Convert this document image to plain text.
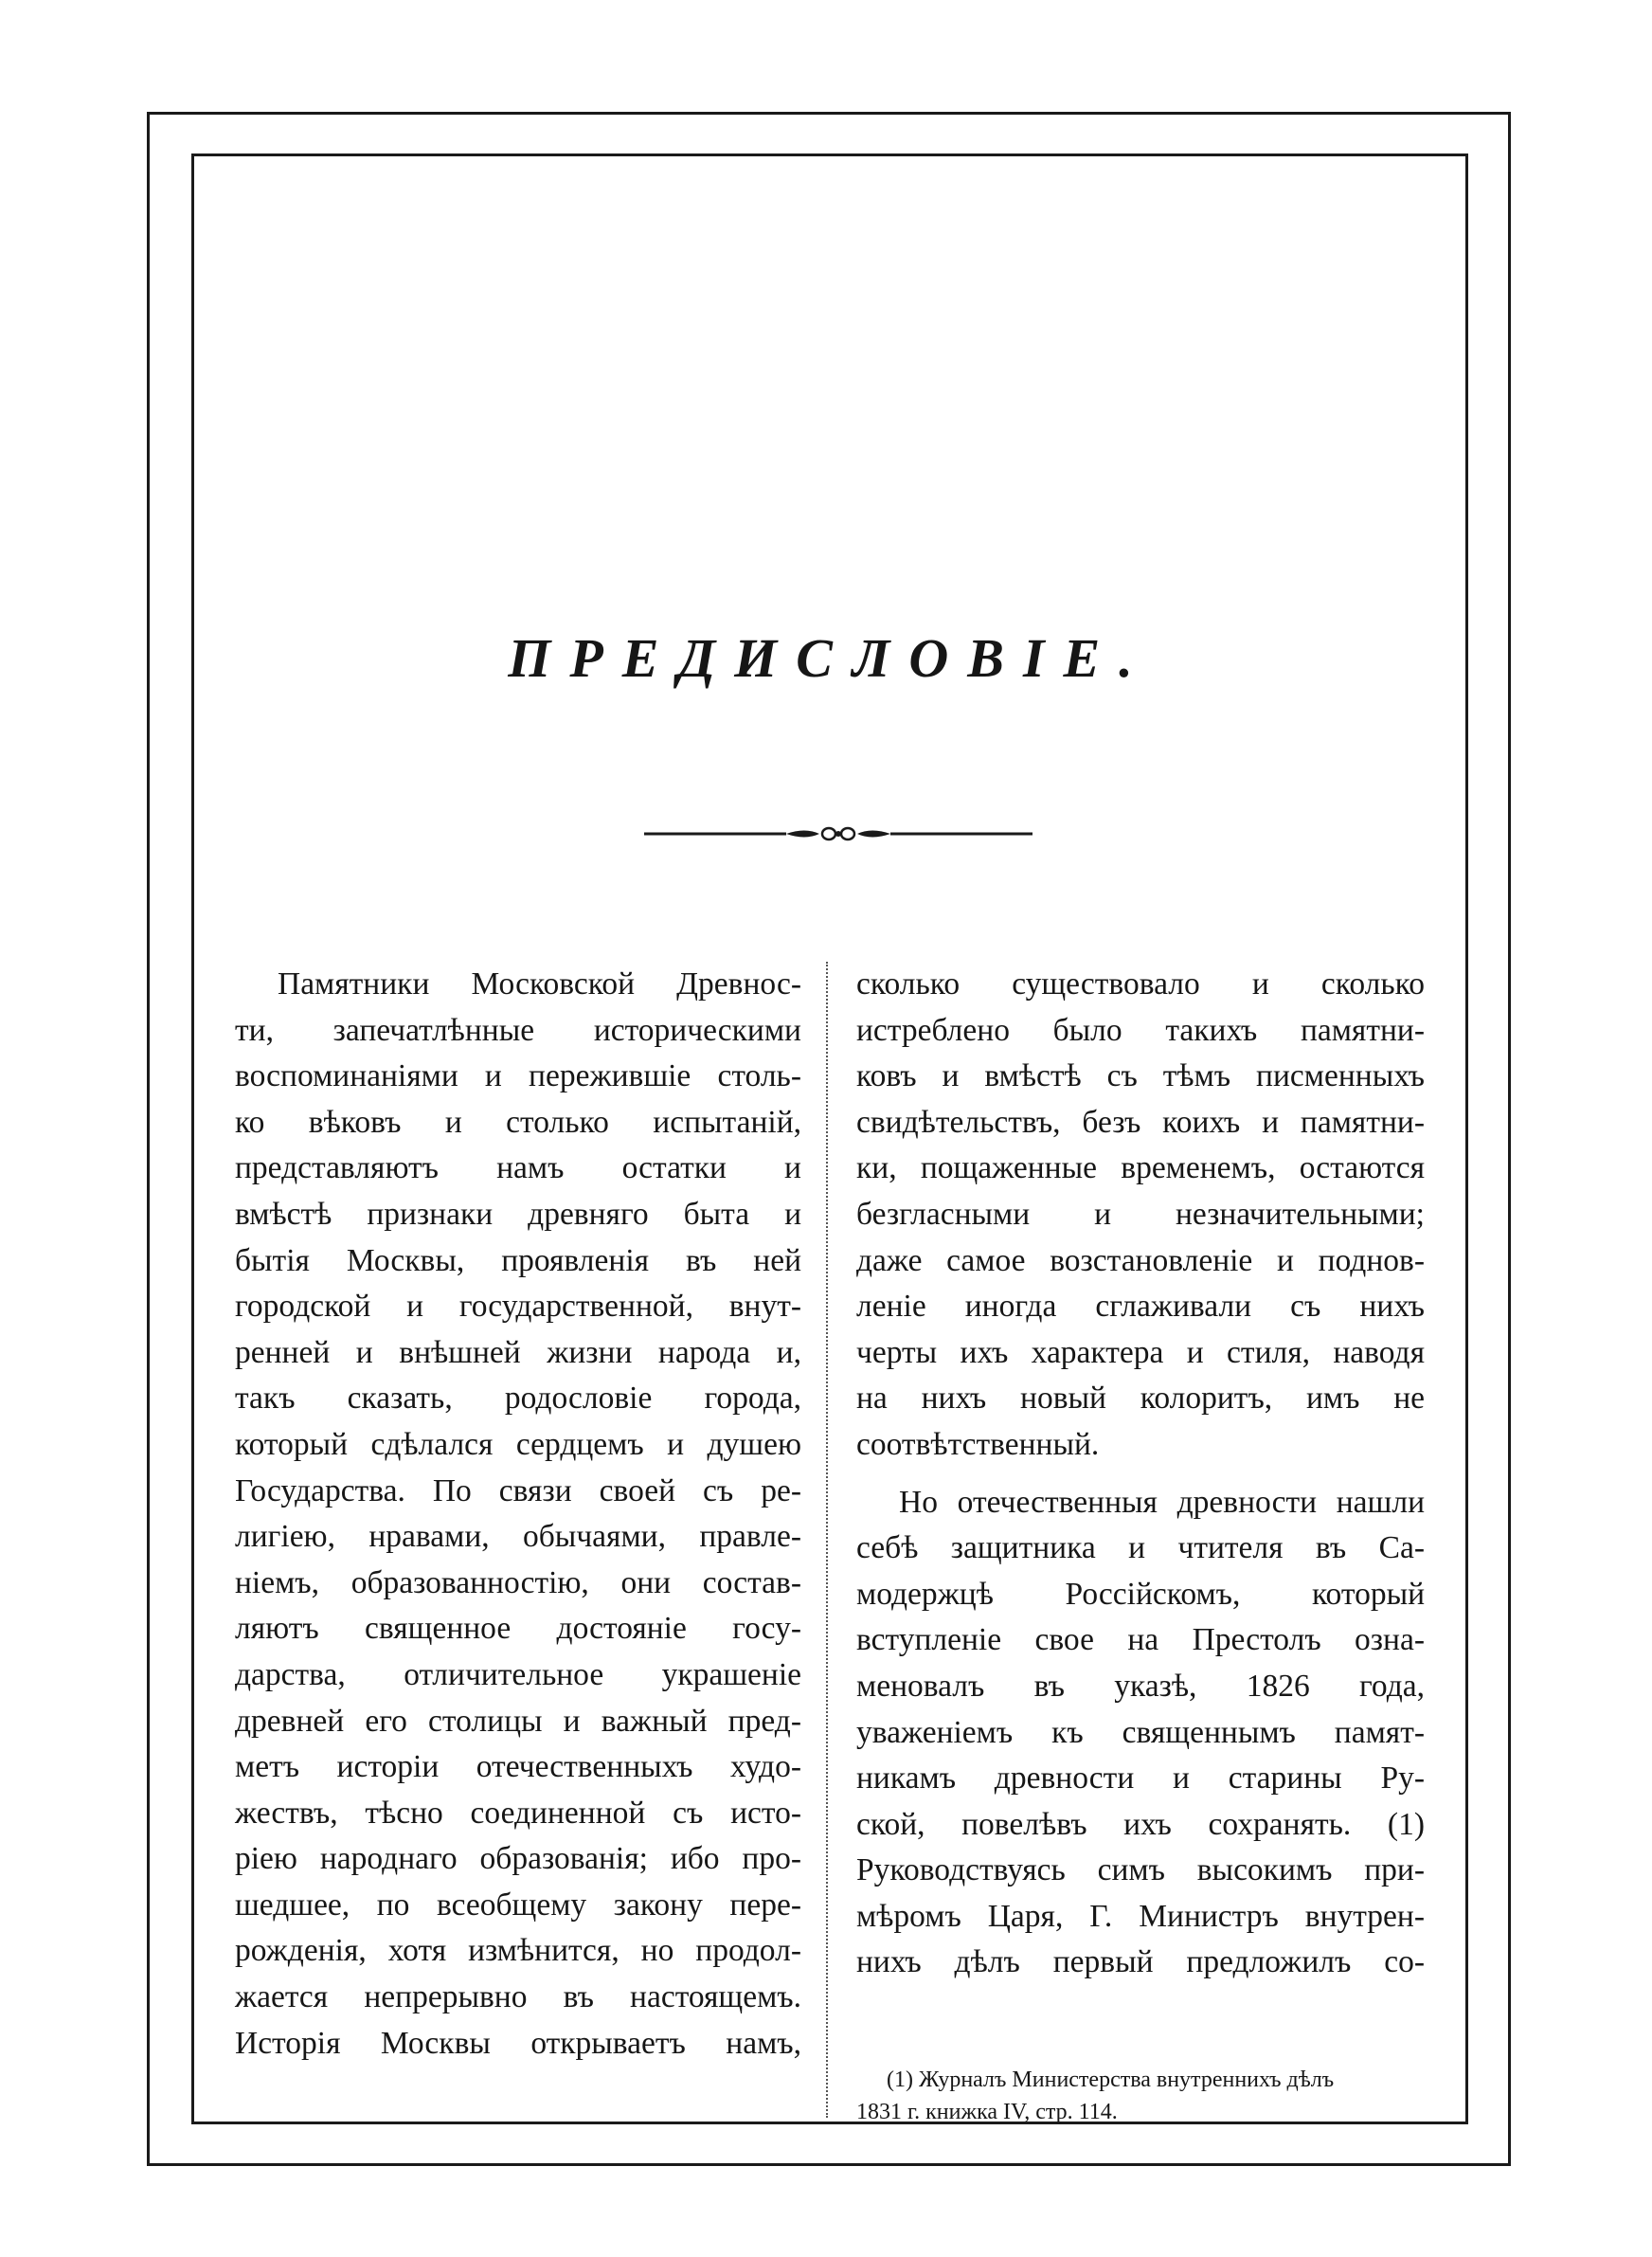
ПРЕДИСЛОВІЕ.

Памятники Московской Древнос-

ти, запечатлѣнные историческими

воспоминаніями и пережившіе столь-

ко вѣковъ и столько испытаній,

представляютъ намъ остатки и

вмѣстѣ признаки древняго быта и

бытія Москвы, проявленія въ ней

городской и государственной, внут-

ренней и внѣшней жизни народа и,

такъ сказать, родословіе города,

который сдѣлался сердцемъ и душею

Государства. По связи своей съ ре-

лигіею, нравами, обычаями, правле-

ніемъ, образованностію, они состав-

ляютъ священное достояніе госу-

дарства, отличительное украшеніе

древней его столицы и важный пред-

метъ исторіи отечественныхъ худо-

жествъ, тѣсно соединенной съ исто-

ріею народнаго образованія; ибо про-

шедшее, по всеобщему закону пере-

рожденія, хотя измѣнится, но продол-

жается непрерывно въ настоящемъ.

Исторія Москвы открываетъ намъ,

сколько существовало и сколько

истреблено было такихъ памятни-

ковъ и вмѣстѣ съ тѣмъ писменныхъ

свидѣтельствъ, безъ коихъ и памятни-

ки, пощаженные временемъ, остаются

безгласными и незначительными;

даже самое возстановленіе и поднов-

леніе иногда сглаживали съ нихъ

черты ихъ характера и стиля, наводя

на нихъ новый колоритъ, имъ не

соотвѣтственный.

Но отечественныя древности нашли

себѣ защитника и чтителя въ Са-

модержцѣ Россійскомъ, который

вступленіе свое на Престолъ озна-

меновалъ въ указѣ, 1826 года,

уваженіемъ къ священнымъ памят-

никамъ древности и старины Ру-

ской, повелѣвъ ихъ сохранять. (1)

Руководствуясь симъ высокимъ при-

мѣромъ Царя, Г. Министръ внутрен-

нихъ дѣлъ первый предложилъ со-

(1) Журналъ Министерства внутреннихъ дѣлъ

1831 г. книжка IV, стр. 114.
